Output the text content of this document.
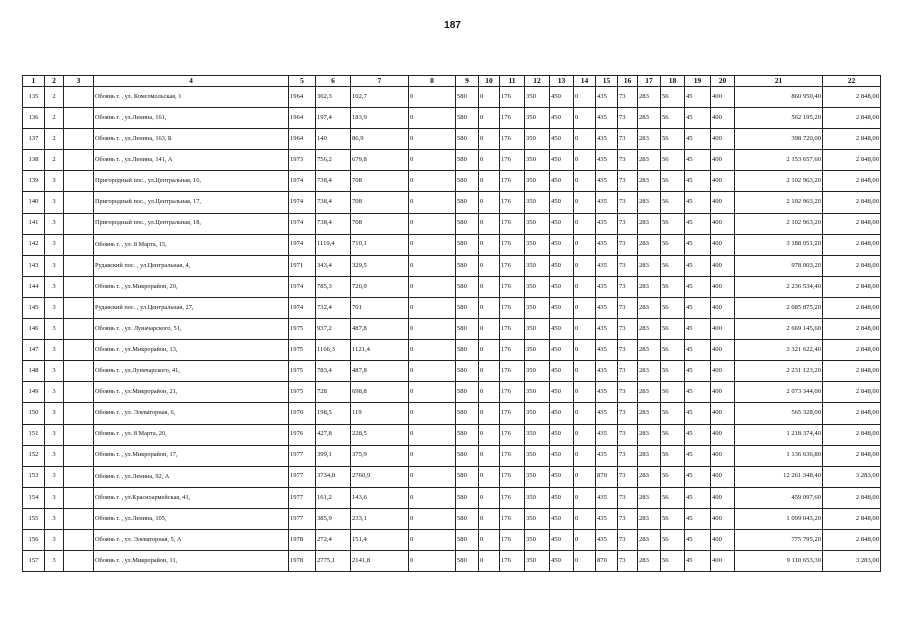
187
1	2	3	4	5	6	7	8	9	10	11	12	13	14	15	16	17	18	19	20	21	22
135	2		Обоянь г. , ул. Комсомольская, 1	1964	302,3	102,7	0	580	0	176	350	450	0	435	73	283	56	45	400	860 950,40	2 848,00
136	2		Обоянь г. , ул.Ленина, 161,	1964	197,4	183,9	0	580	0	176	350	450	0	435	73	283	56	45	400	562 195,20	2 848,00
137	2		Обоянь г. , ул.Ленина, 163, Б	1964	140	86,9	0	580	0	176	350	450	0	435	73	283	56	45	400	398 720,00	2 848,00
138	2		Обоянь г. , ул.Ленина, 141, А	1973	756,2	679,8	0	580	0	176	350	450	0	435	73	283	56	45	400	2 153 657,60	2 848,00
139	3		Пригородный пос., ул.Центральная, 16,	1974	738,4	708	0	580	0	176	350	450	0	435	73	283	56	45	400	2 102 963,20	2 848,00
140	3		Пригородный пос., ул.Центральная, 17,	1974	738,4	708	0	580	0	176	350	450	0	435	73	283	56	45	400	2 102 963,20	2 848,00
141	3		Пригородный пос., ул.Центральная, 18,	1974	738,4	708	0	580	0	176	350	450	0	435	73	283	56	45	400	2 102 963,20	2 848,00
142	3		Обоянь г. , ул. 8 Марта, 15,	1974	1119,4	710,1	0	580	0	176	350	450	0	435	73	283	56	45	400	3 188 051,20	2 848,00
143	3		Рудавский пос. , ул.Центральная, 4,	1971	343,4	329,5	0	580	0	176	350	450	0	435	73	283	56	45	400	978 003,20	2 848,00
144	3		Обоянь г. , ул.Микрорайон, 20,	1974	785,3	726,9	0	580	0	176	350	450	0	435	73	283	56	45	400	2 236 534,40	2 848,00
145	3		Рудавский пос. , ул.Центральная, 27,	1974	732,4	701	0	580	0	176	350	450	0	435	73	283	56	45	400	2 085 875,20	2 848,00
146	3		Обоянь г. , ул. Луначарского, 51,	1975	937,2	487,8	0	580	0	176	350	450	0	435	73	283	56	45	400	2 669 145,60	2 848,00
147	3		Обоянь г. , ул.Микрорайон, 13,	1975	1166,3	1121,4	0	580	0	176	350	450	0	435	73	283	56	45	400	3 321 622,40	2 848,00
148	3		Обоянь г. , ул.Луначарского, 41,	1975	783,4	487,8	0	580	0	176	350	450	0	435	73	283	56	45	400	2 231 123,20	2 848,00
149	3		Обоянь г. , ул.Микрорайон, 21,	1975	728	698,8	0	580	0	176	350	450	0	435	73	283	56	45	400	2 073 344,00	2 848,00
150	3		Обоянь г. , ул. Элеваторная, 6,	1976	198,5	119	0	580	0	176	350	450	0	435	73	283	56	45	400	565 328,00	2 848,00
151	3		Обоянь г. , ул. 8 Марта, 20,	1976	427,8	228,5	0	580	0	176	350	450	0	435	73	283	56	45	400	1 218 374,40	2 848,00
152	3		Обоянь г. , ул.Микрорайон, 17,	1977	399,1	375,9	0	580	0	176	350	450	0	435	73	283	56	45	400	1 136 636,80	2 848,00
153	3		Обоянь г. , ул.Ленина, 92, А	1977	3734,8	2760,9	0	580	0	176	350	450	0	870	73	283	56	45	400	12 261 348,40	3 283,00
154	3		Обоянь г. , ул.Красноармейская, 41,	1977	161,2	143,6	0	580	0	176	350	450	0	435	73	283	56	45	400	459 097,60	2 848,00
155	3		Обоянь г. , ул.Ленина, 105,	1977	385,9	233,1	0	580	0	176	350	450	0	435	73	283	56	45	400	1 099 043,20	2 848,00
156	3		Обоянь г. , ул. Элеваторная, 5, А	1978	272,4	151,4	0	580	0	176	350	450	0	435	73	283	56	45	400	775 795,20	2 848,00
157	3		Обоянь г. , ул.Микрорайон, 11,	1978	2775,1	2141,8	0	580	0	176	350	450	0	870	73	283	56	45	400	9 110 653,30	3 283,00
